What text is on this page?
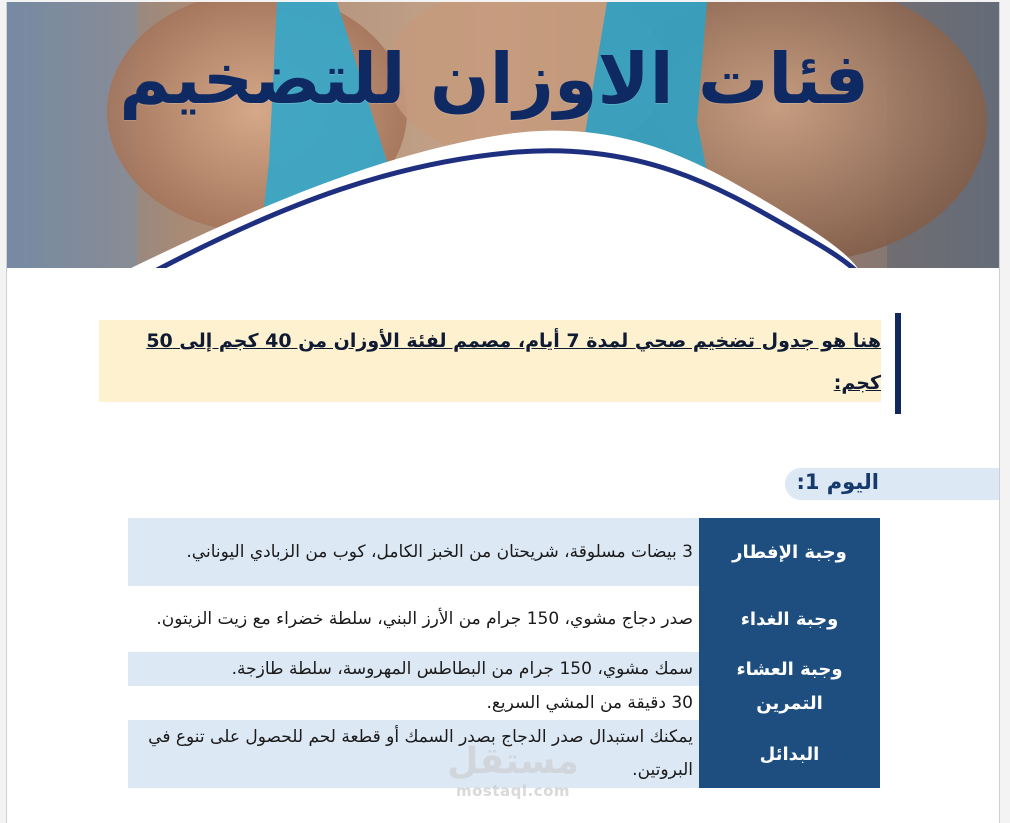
فئات الاوزان للتضخيم
هنا هو جدول تضخيم صحي لمدة 7 أيام، مصمم لفئة الأوزان من 40 كجم إلى 50 كجم:
اليوم 1:
وجبة الإفطار	3 بيضات مسلوقة، شريحتان من الخبز الكامل، كوب من الزبادي اليوناني.
وجبة الغداء	صدر دجاج مشوي، 150 جرام من الأرز البني، سلطة خضراء مع زيت الزيتون.
وجبة العشاء	سمك مشوي، 150 جرام من البطاطس المهروسة، سلطة طازجة.
التمرين	30 دقيقة من المشي السريع.
البدائل	يمكنك استبدال صدر الدجاج بصدر السمك أو قطعة لحم للحصول على تنوع في البروتين.
مستقل
mostaql.com
